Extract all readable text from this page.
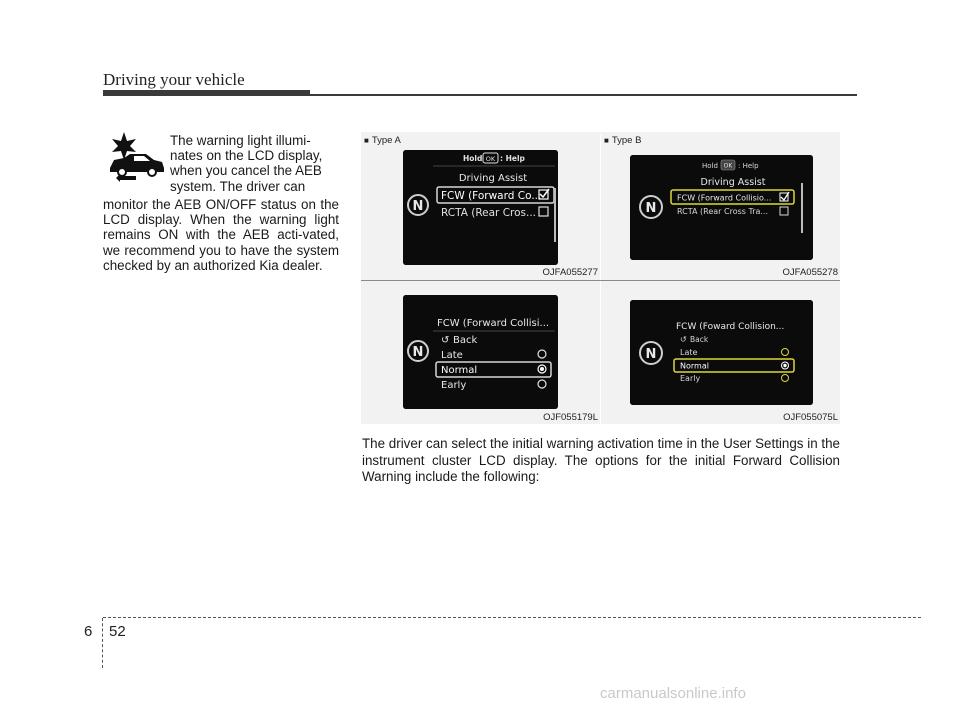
Driving your vehicle
The warning light illumi-
nates on the LCD display,
when you cancel the AEB
system. The driver can
monitor the AEB ON/OFF status on the LCD display. When the warning light remains ON with the AEB acti-vated, we recommend you to have the system checked by an authorized Kia dealer.
■ Type A	■ Type B
OJFA055277	OJFA055278
OJF055179L	OJF055075L
N
Hold OK : Help
Driving Assist
FCW (Forward Co...
RCTA (Rear Cros...	N
Hold OK : Help
Driving Assist
FCW (Forward Collisio...
RCTA (Rear Cross Tra...
N
FCW (Forward Collisi...
↺ Back
Late
Normal
Early
N
FCW (Foward Collision...
↺ Back
Late
Normal
Early
The driver can select the initial warning activation time in the User Settings in the instrument cluster LCD display. The options for the initial Forward Collision Warning include the following:
6 52
carmanualsonline.info
